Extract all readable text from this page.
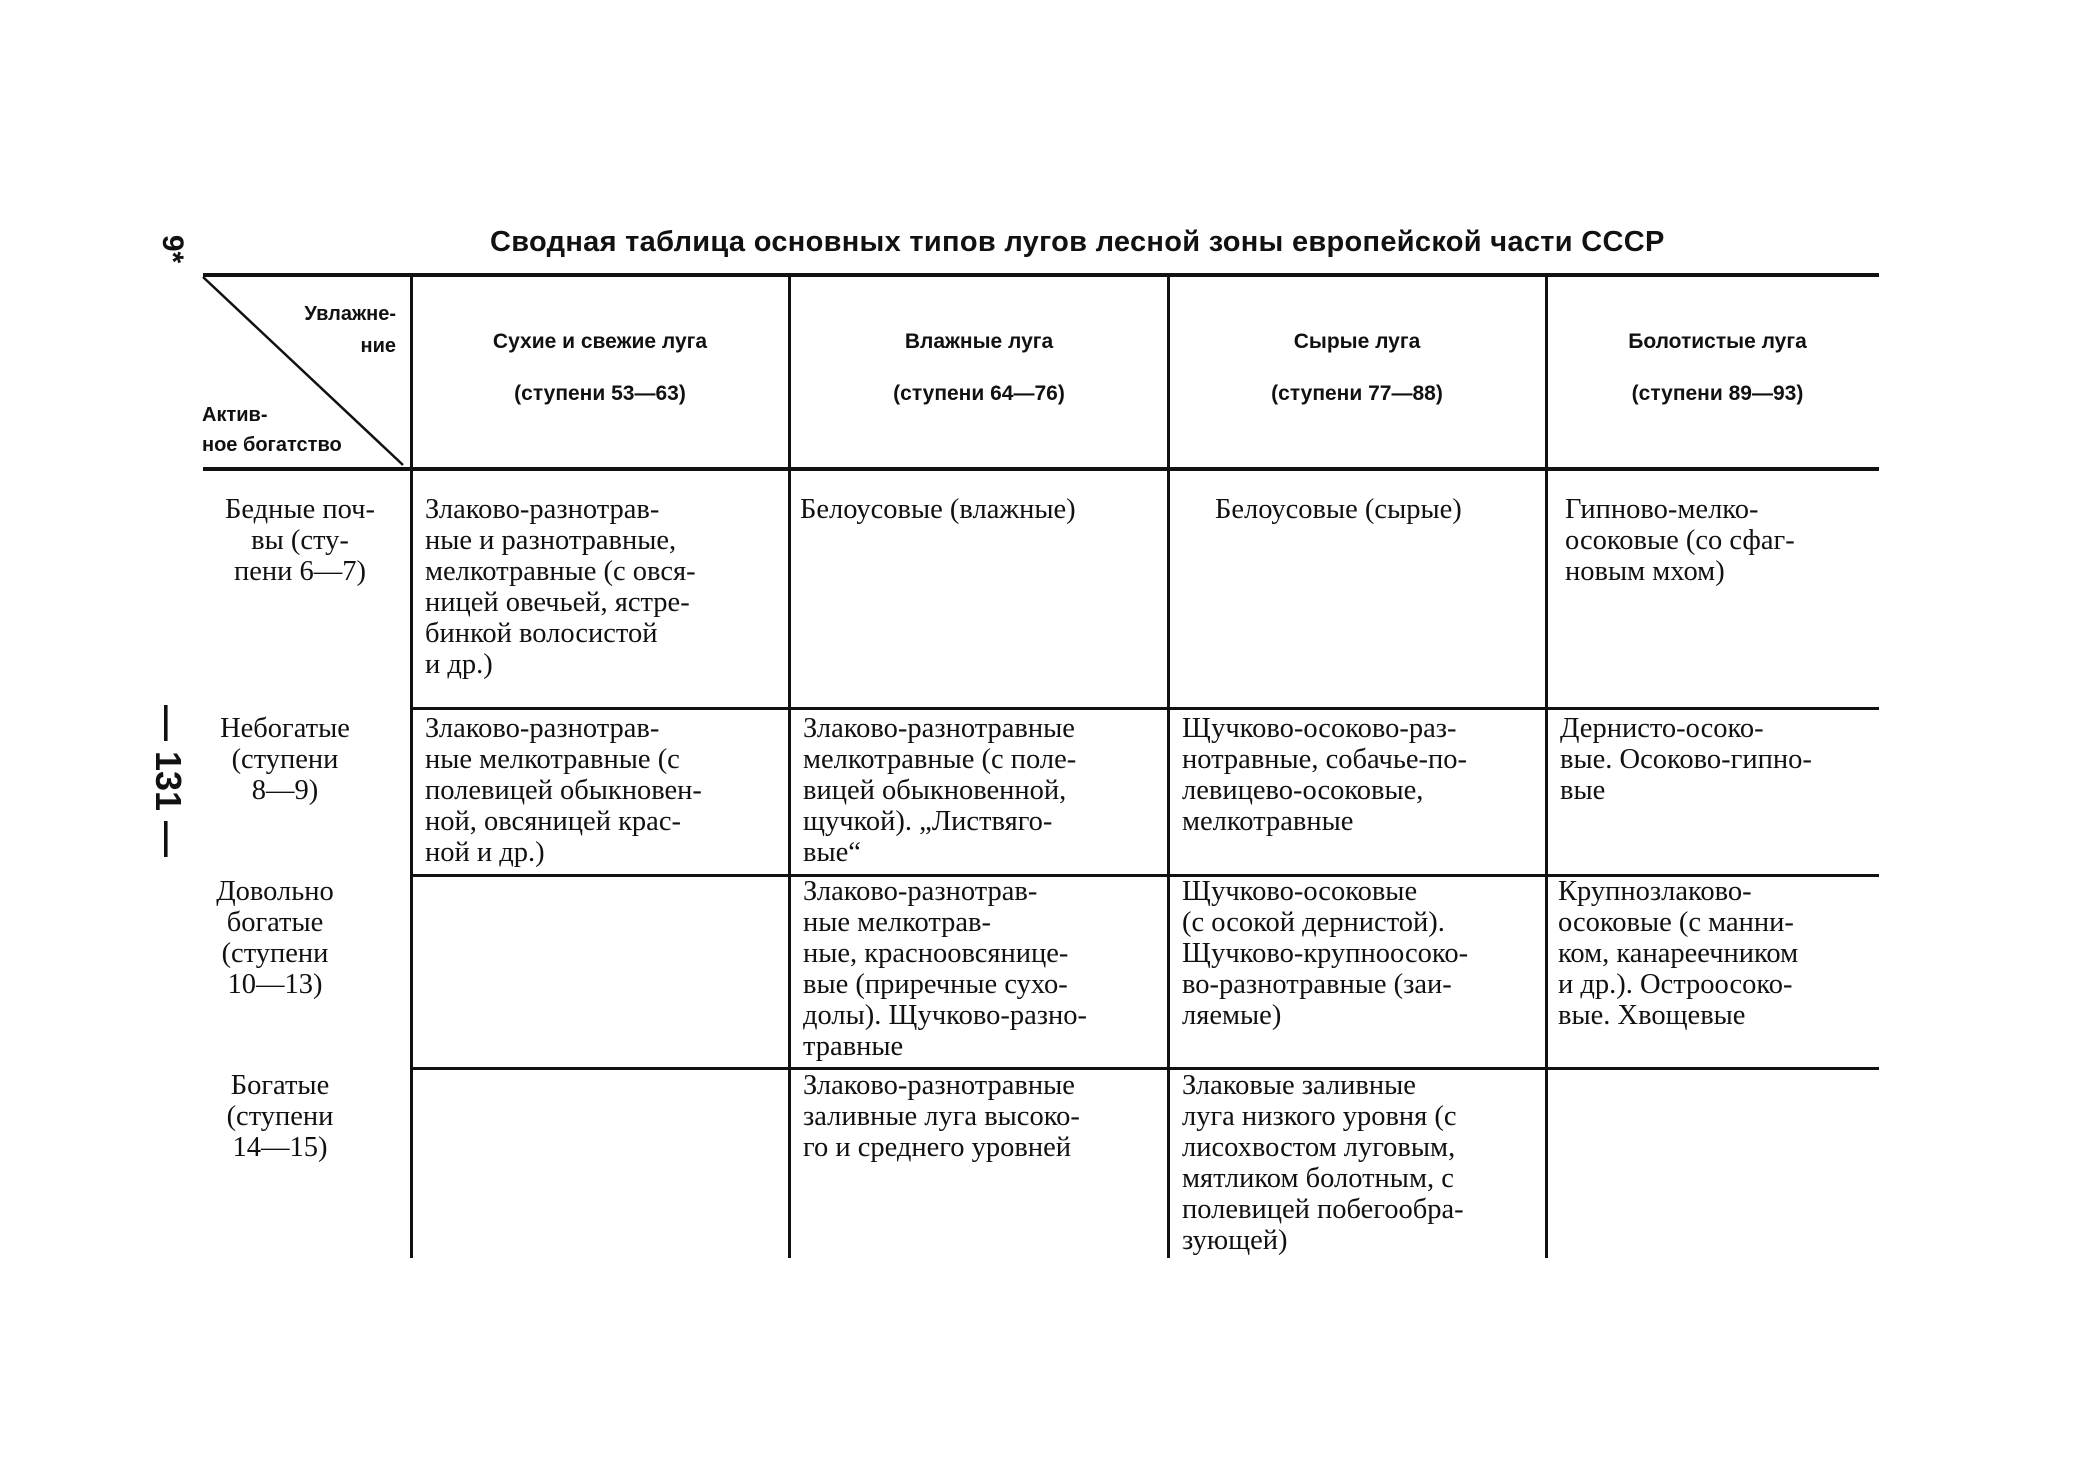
Сводная таблица основных типов лугов лесной зоны европейской части СССР
9*
— 131 —
Увлажне-
ние
Актив-
ное богатство
Сухие и свежие луга
(ступени 53—63)
Влажные луга
(ступени 64—76)
Сырые луга
(ступени 77—88)
Болотистые луга
(ступени 89—93)
Бедные поч-
вы (сту-
пени 6—7)
Небогатые
(ступени
8—9)
Довольно
богатые
(ступени
10—13)
Богатые
(ступени
14—15)
Злаково-разнотрав-
ные и разнотравные,
мелкотравные (с овся-
ницей овечьей, ястре-
бинкой волосистой
и др.)
Белоусовые (влажные)	Белоусовые (сырые)	Гипново-мелко-
осоковые (со сфаг-
новым мхом)
Злаково-разнотрав-
ные мелкотравные (с
полевицей обыкновен-
ной, овсяницей крас-
ной и др.)
Злаково-разнотравные
мелкотравные (с поле-
вицей обыкновенной,
щучкой). „Листвяго-
вые“
Щучково-осоково-раз-
нотравные, собачье-по-
левицево-осоковые,
мелкотравные
Дернисто-осоко-
вые. Осоково-гипно-
вые
Злаково-разнотрав-
ные мелкотрав-
ные, красноовсянице-
вые (приречные сухо-
долы). Щучково-разно-
травные
Щучково-осоковые
(с осокой дернистой).
Щучково-крупноосоко-
во-разнотравные (заи-
ляемые)
Крупнозлаково-
осоковые (с манни-
ком, канареечником
и др.). Остроосоко-
вые. Хвощевые
Злаково-разнотравные
заливные луга высоко-
го и среднего уровней
Злаковые заливные
луга низкого уровня (с
лисохвостом луговым,
мятликом болотным, с
полевицей побегообра-
зующей)
